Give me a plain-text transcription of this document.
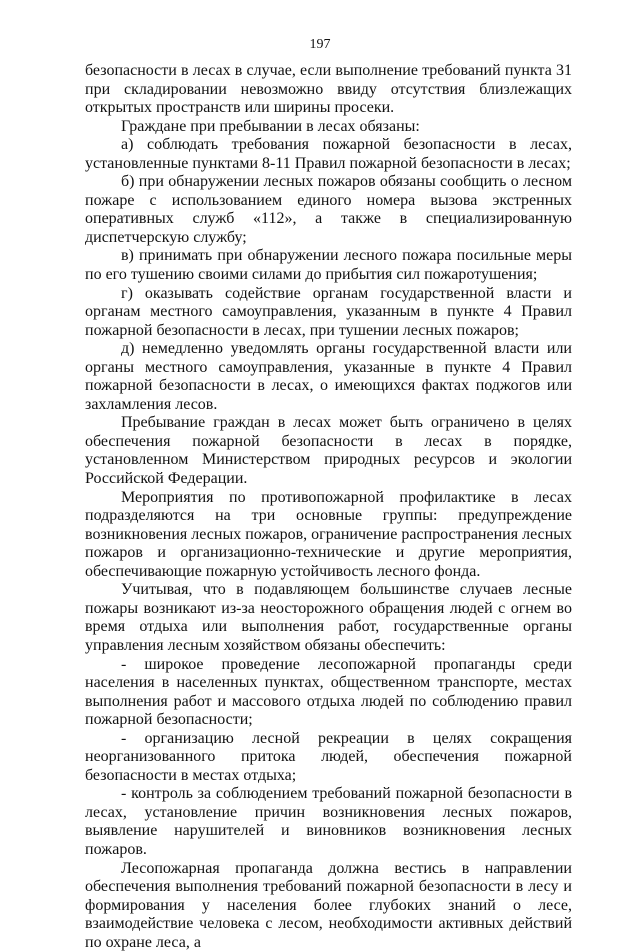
197

безопасности в лесах в случае, если выполнение требований пункта 31 при складировании невозможно ввиду отсутствия близлежащих открытых пространств или ширины просеки.

Граждане при пребывании в лесах обязаны:

а) соблюдать требования пожарной безопасности в лесах, установленные пунктами 8-11 Правил пожарной безопасности в лесах;

б) при обнаружении лесных пожаров обязаны сообщить о лесном пожаре с использованием единого номера вызова экстренных оперативных служб «112», а также в специализированную диспетчерскую службу;

в) принимать при обнаружении лесного пожара посильные меры по его тушению своими силами до прибытия сил пожаротушения;

г) оказывать содействие органам государственной власти и органам местного самоуправления, указанным в пункте 4 Правил пожарной безопасности в лесах, при тушении лесных пожаров;

д) немедленно уведомлять органы государственной власти или органы местного самоуправления, указанные в пункте 4 Правил пожарной безопасности в лесах, о имеющихся фактах поджогов или захламления лесов.

Пребывание граждан в лесах может быть ограничено в целях обеспечения пожарной безопасности в лесах в порядке, установленном Министерством природных ресурсов и экологии Российской Федерации.

Мероприятия по противопожарной профилактике в лесах подразделяются на три основные группы: предупреждение возникновения лесных пожаров, ограничение распространения лесных пожаров и организационно-технические и другие мероприятия, обеспечивающие пожарную устойчивость лесного фонда.

Учитывая, что в подавляющем большинстве случаев лесные пожары возникают из-за неосторожного обращения людей с огнем во время отдыха или выполнения работ, государственные органы управления лесным хозяйством обязаны обеспечить:

- широкое проведение лесопожарной пропаганды среди населения в населенных пунктах, общественном транспорте, местах выполнения работ и массового отдыха людей по соблюдению правил пожарной безопасности;

- организацию лесной рекреации в целях сокращения неорганизованного притока людей, обеспечения пожарной безопасности в местах отдыха;

- контроль за соблюдением требований пожарной безопасности в лесах, установление причин возникновения лесных пожаров, выявление нарушителей и виновников возникновения лесных пожаров.

Лесопожарная пропаганда должна вестись в направлении обеспечения выполнения требований пожарной безопасности в лесу и формирования у населения более глубоких знаний о лесе, взаимодействие человека с лесом, необходимости активных действий по охране леса, а
